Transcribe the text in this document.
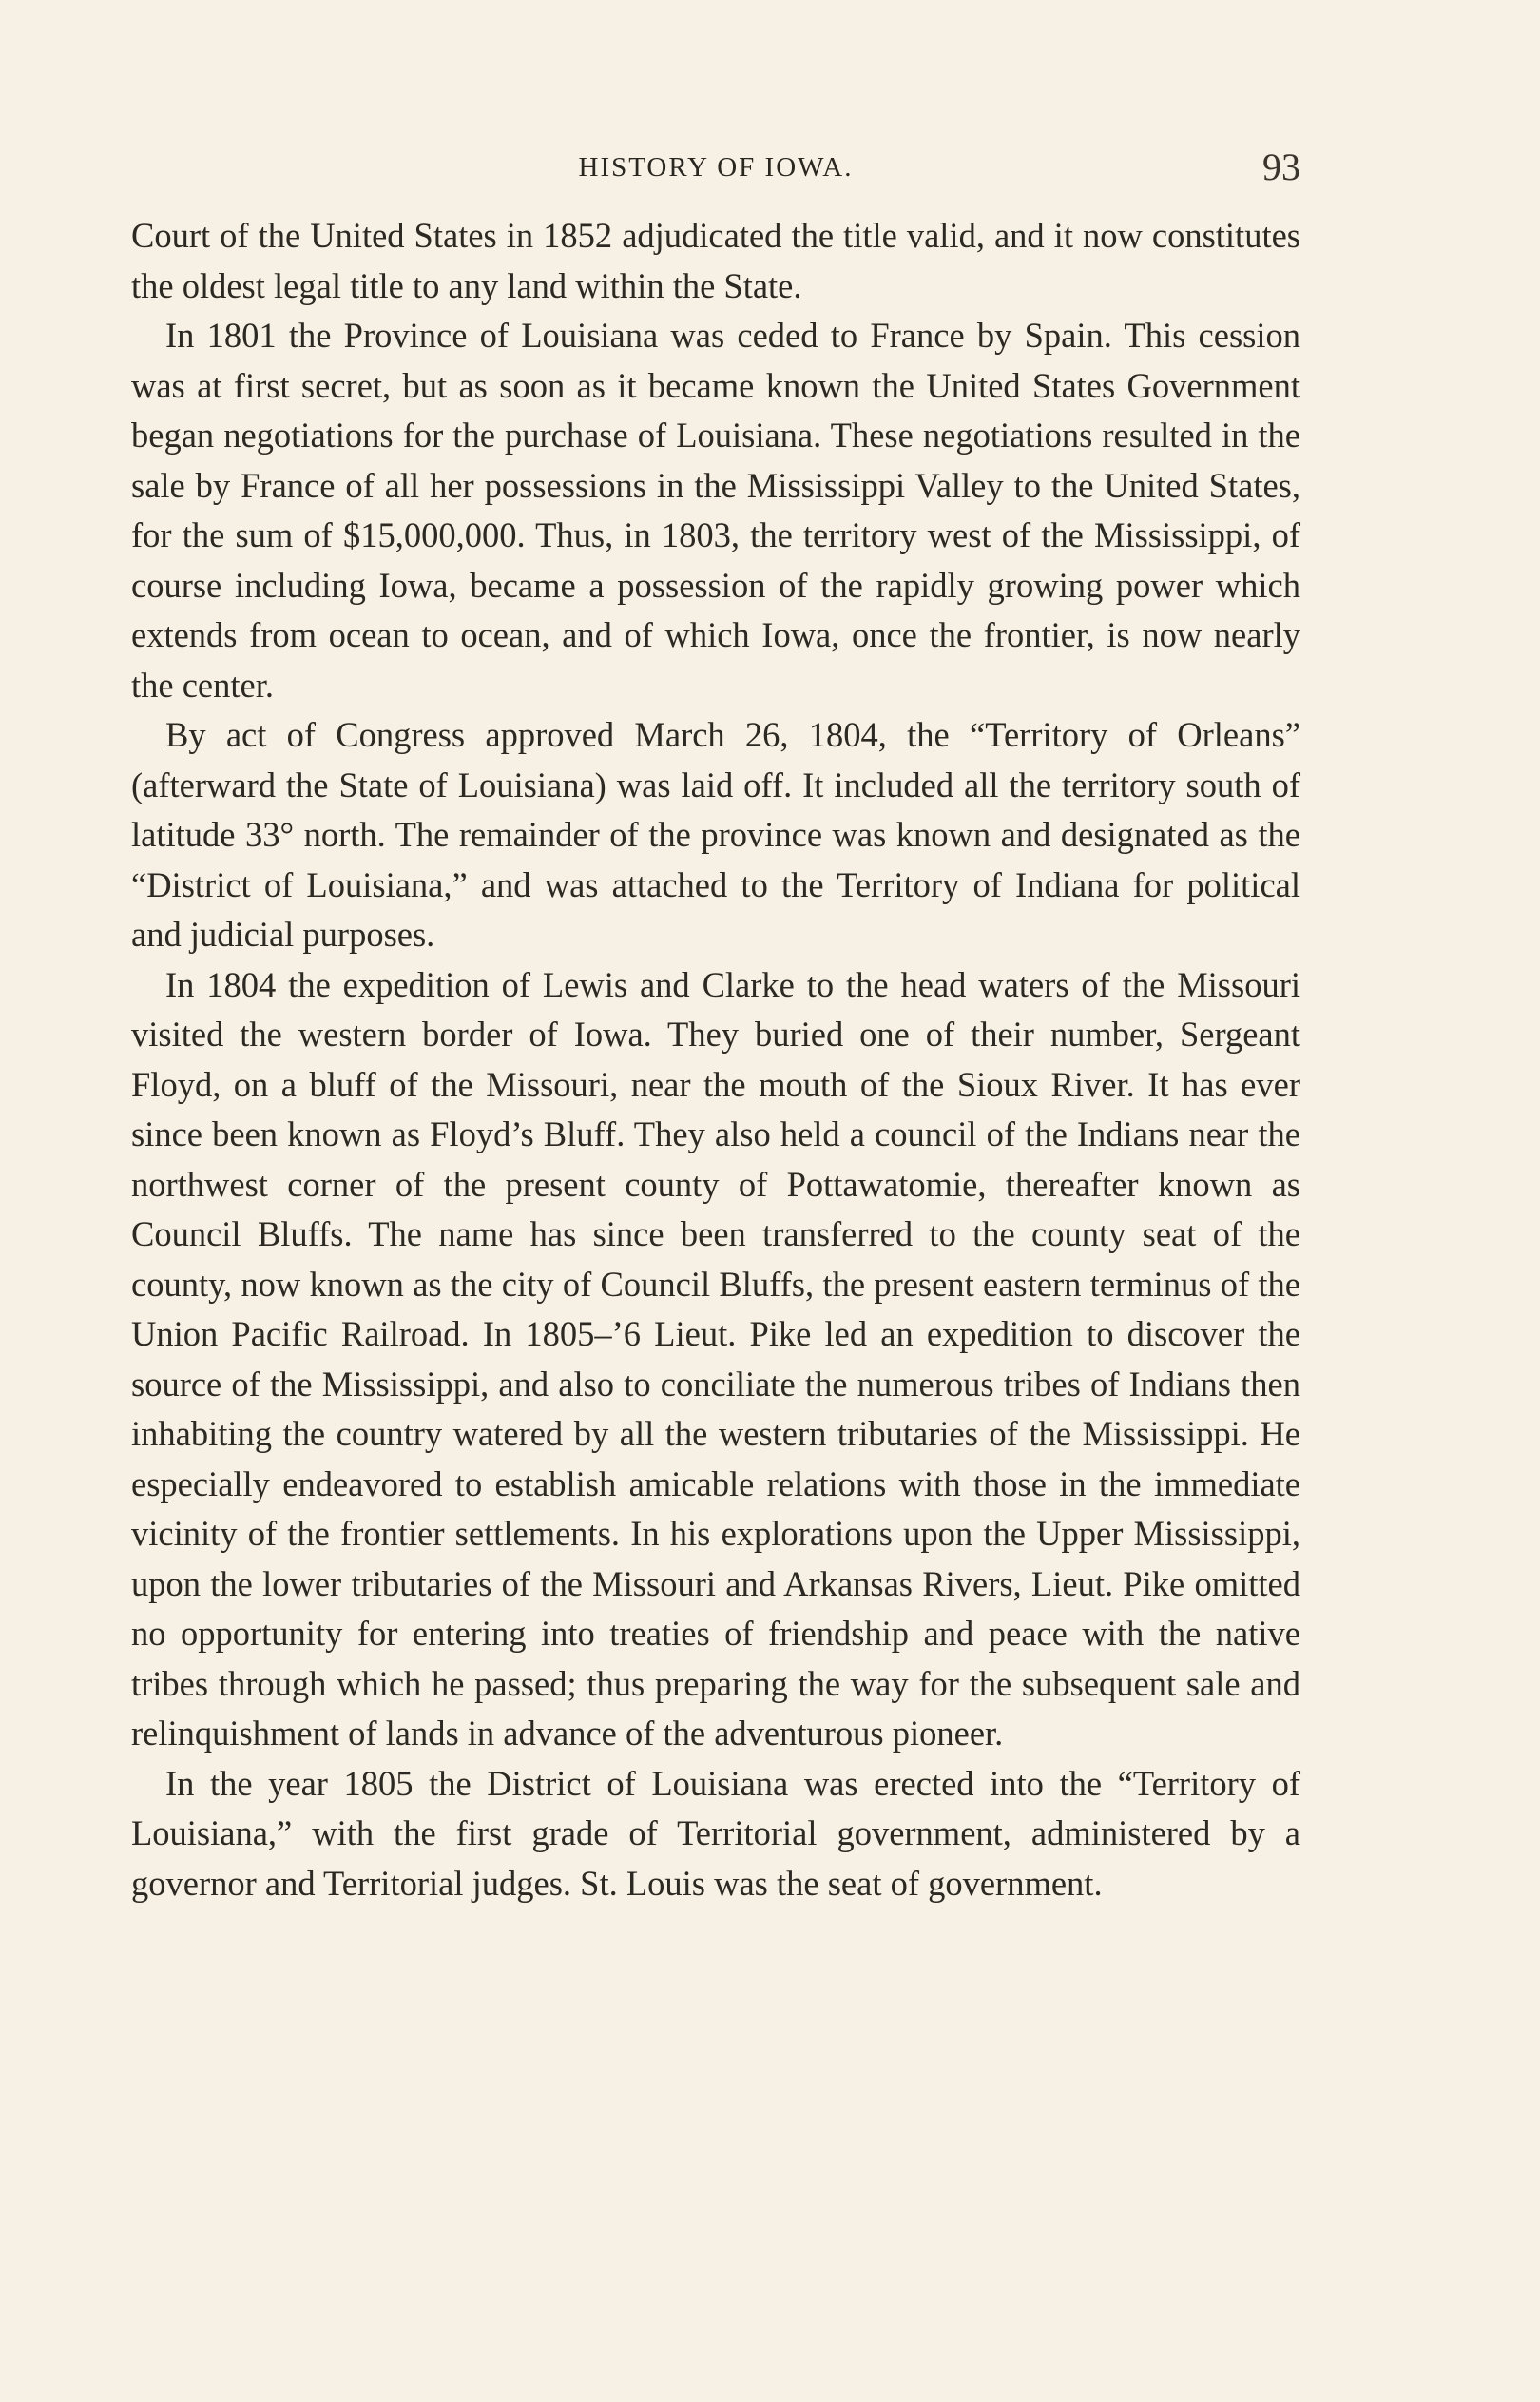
HISTORY OF IOWA.	93

Court of the United States in 1852 adjudicated the title valid, and it now constitutes the oldest legal title to any land within the State.

In 1801 the Province of Louisiana was ceded to France by Spain. This cession was at first secret, but as soon as it became known the United States Government began negotiations for the purchase of Louisiana. These negotiations resulted in the sale by France of all her possessions in the Mississippi Valley to the United States, for the sum of $15,000,000. Thus, in 1803, the territory west of the Mississippi, of course including Iowa, became a possession of the rapidly growing power which extends from ocean to ocean, and of which Iowa, once the frontier, is now nearly the center.

By act of Congress approved March 26, 1804, the “Territory of Orleans” (afterward the State of Louisiana) was laid off. It included all the territory south of latitude 33° north. The remainder of the province was known and designated as the “District of Louisiana,” and was attached to the Territory of Indiana for political and judicial purposes.

In 1804 the expedition of Lewis and Clarke to the head waters of the Missouri visited the western border of Iowa. They buried one of their number, Sergeant Floyd, on a bluff of the Missouri, near the mouth of the Sioux River. It has ever since been known as Floyd’s Bluff. They also held a council of the Indians near the northwest corner of the present county of Pottawatomie, thereafter known as Council Bluffs. The name has since been transferred to the county seat of the county, now known as the city of Council Bluffs, the present eastern terminus of the Union Pacific Railroad. In 1805–’6 Lieut. Pike led an expedition to discover the source of the Mississippi, and also to conciliate the numerous tribes of Indians then inhabiting the country watered by all the western tributaries of the Mississippi. He especially endeavored to establish amicable relations with those in the immediate vicinity of the frontier settlements. In his explorations upon the Upper Mississippi, upon the lower tributaries of the Missouri and Arkansas Rivers, Lieut. Pike omitted no opportunity for entering into treaties of friendship and peace with the native tribes through which he passed; thus preparing the way for the subsequent sale and relinquishment of lands in advance of the adventurous pioneer.

In the year 1805 the District of Louisiana was erected into the “Territory of Louisiana,” with the first grade of Territorial government, administered by a governor and Territorial judges. St. Louis was the seat of government.
